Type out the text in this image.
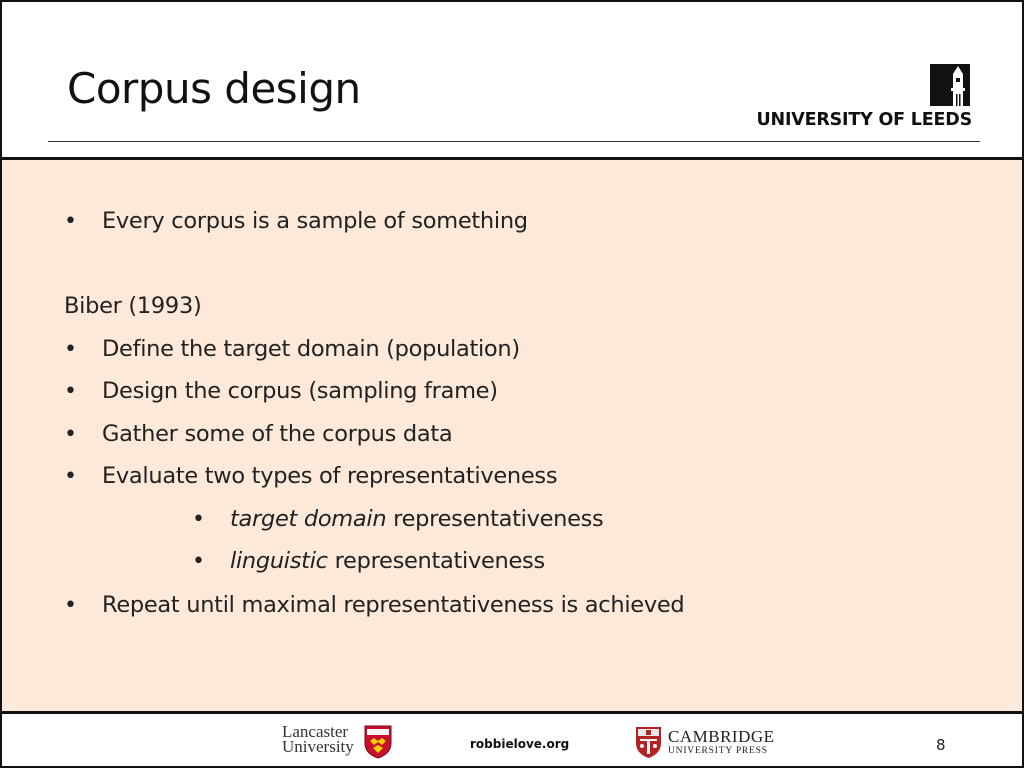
Corpus design
UNIVERSITY OF LEEDS
• Every corpus is a sample of something
Biber (1993)
• Define the target domain (population)
• Design the corpus (sampling frame)
• Gather some of the corpus data
• Evaluate two types of representativeness
• target domain representativeness
• linguistic representativeness
• Repeat until maximal representativeness is achieved
Lancaster
University	robbielove.org	CAMBRIDGE
UNIVERSITY PRESS	8
